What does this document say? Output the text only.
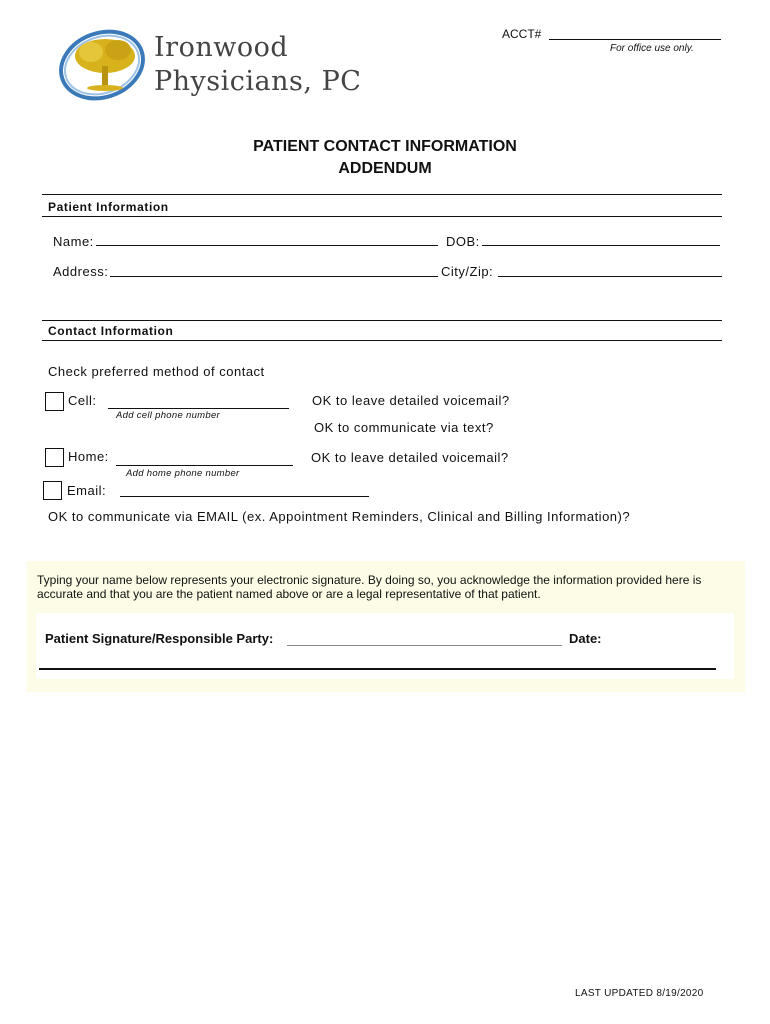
Ironwood
Physicians, PC
ACCT#
For office use only.
PATIENT CONTACT INFORMATION
ADDENDUM
Patient Information
Name:	DOB:
Address:	City/Zip:
Contact Information
Check preferred method of contact
Cell:
Add cell phone number
OK to leave detailed voicemail?
OK to communicate via text?
Home:
Add home phone number
OK to leave detailed voicemail?
Email:
OK to communicate via EMAIL (ex. Appointment Reminders, Clinical and Billing Information)?
Typing your name below represents your electronic signature. By doing so, you acknowledge the information provided here is accurate and that you are the patient named above or are a legal representative of that patient.
Patient Signature/Responsible Party:	Date:
LAST UPDATED 8/19/2020
